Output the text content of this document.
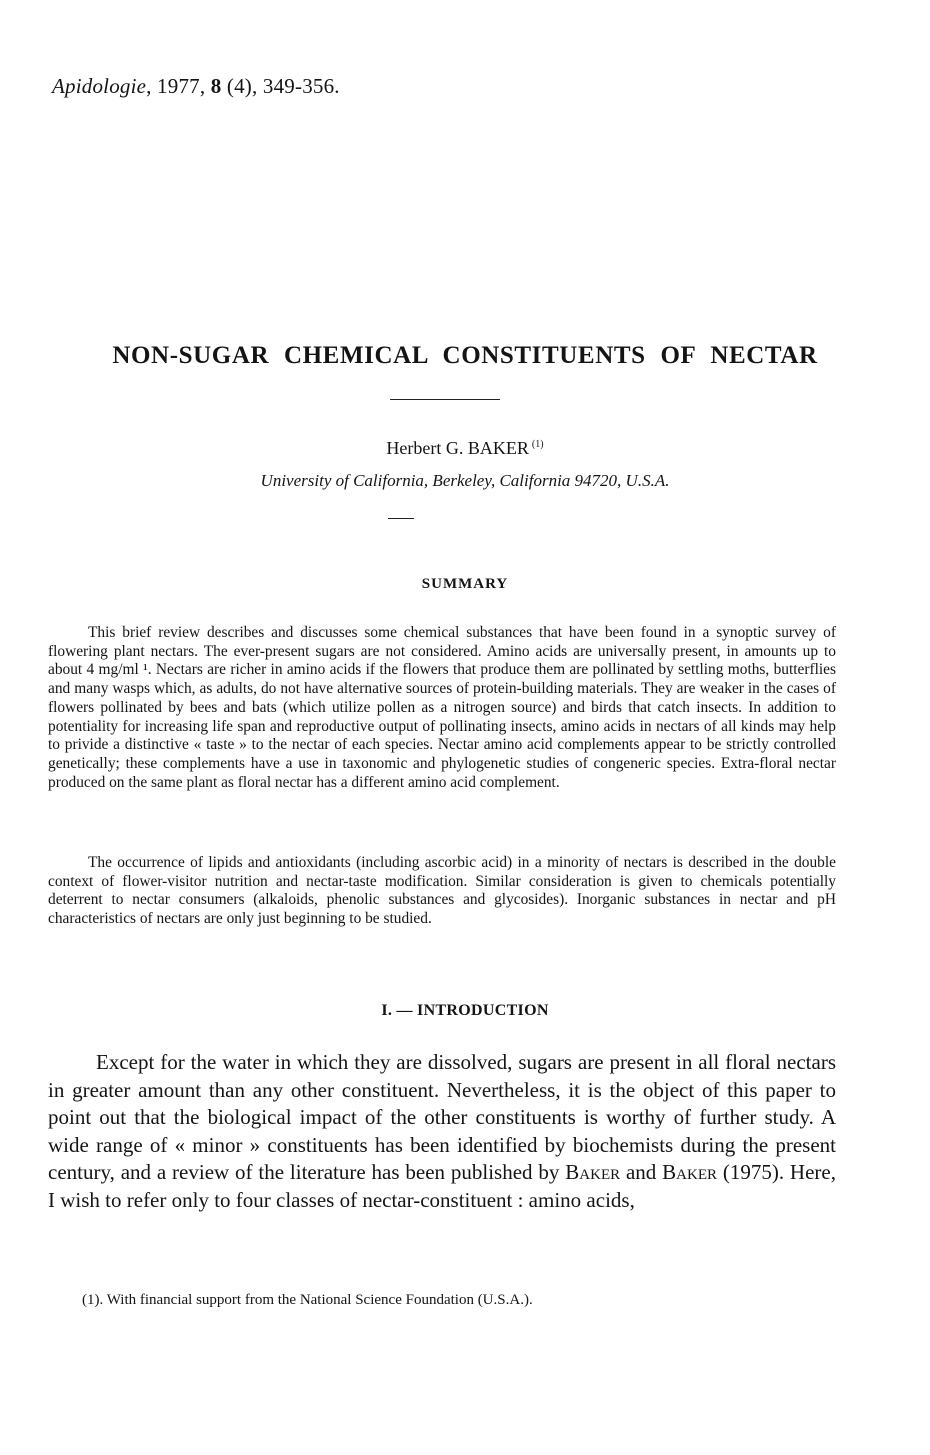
Apidologie, 1977, 8 (4), 349-356.
NON-SUGAR CHEMICAL CONSTITUENTS OF NECTAR
Herbert G. BAKER $^{(1)}$
University of California, Berkeley, California 94720, U.S.A.
SUMMARY

This brief review describes and discusses some chemical substances that have been found in a synoptic survey of flowering plant nectars. The ever-present sugars are not considered. Amino acids are universally present, in amounts up to about 4 mg/ml ¹. Nectars are richer in amino acids if the flowers that produce them are pollinated by settling moths, butterflies and many wasps which, as adults, do not have alternative sources of protein-building materials. They are weaker in the cases of flowers pollinated by bees and bats (which utilize pollen as a nitrogen source) and birds that catch insects. In addition to potentiality for increasing life span and reproductive output of pollinating insects, amino acids in nectars of all kinds may help to privide a distinctive « taste » to the nectar of each species. Nectar amino acid complements appear to be strictly controlled genetically; these complements have a use in taxonomic and phylogenetic studies of congeneric species. Extra-floral nectar produced on the same plant as floral nectar has a different amino acid complement.

The occurrence of lipids and antioxidants (including ascorbic acid) in a minority of nectars is described in the double context of flower-visitor nutrition and nectar-taste modification. Similar consideration is given to chemicals potentially deterrent to nectar consumers (alkaloids, phenolic substances and glycosides). Inorganic substances in nectar and pH characteristics of nectars are only just beginning to be studied.

I. — INTRODUCTION

Except for the water in which they are dissolved, sugars are present in all floral nectars in greater amount than any other constituent. Nevertheless, it is the object of this paper to point out that the biological impact of the other constituents is worthy of further study. A wide range of « minor » constituents has been identified by biochemists during the present century, and a review of the literature has been published by Baker and Baker (1975). Here, I wish to refer only to four classes of nectar-constituent : amino acids,

(1). With financial support from the National Science Foundation (U.S.A.).
